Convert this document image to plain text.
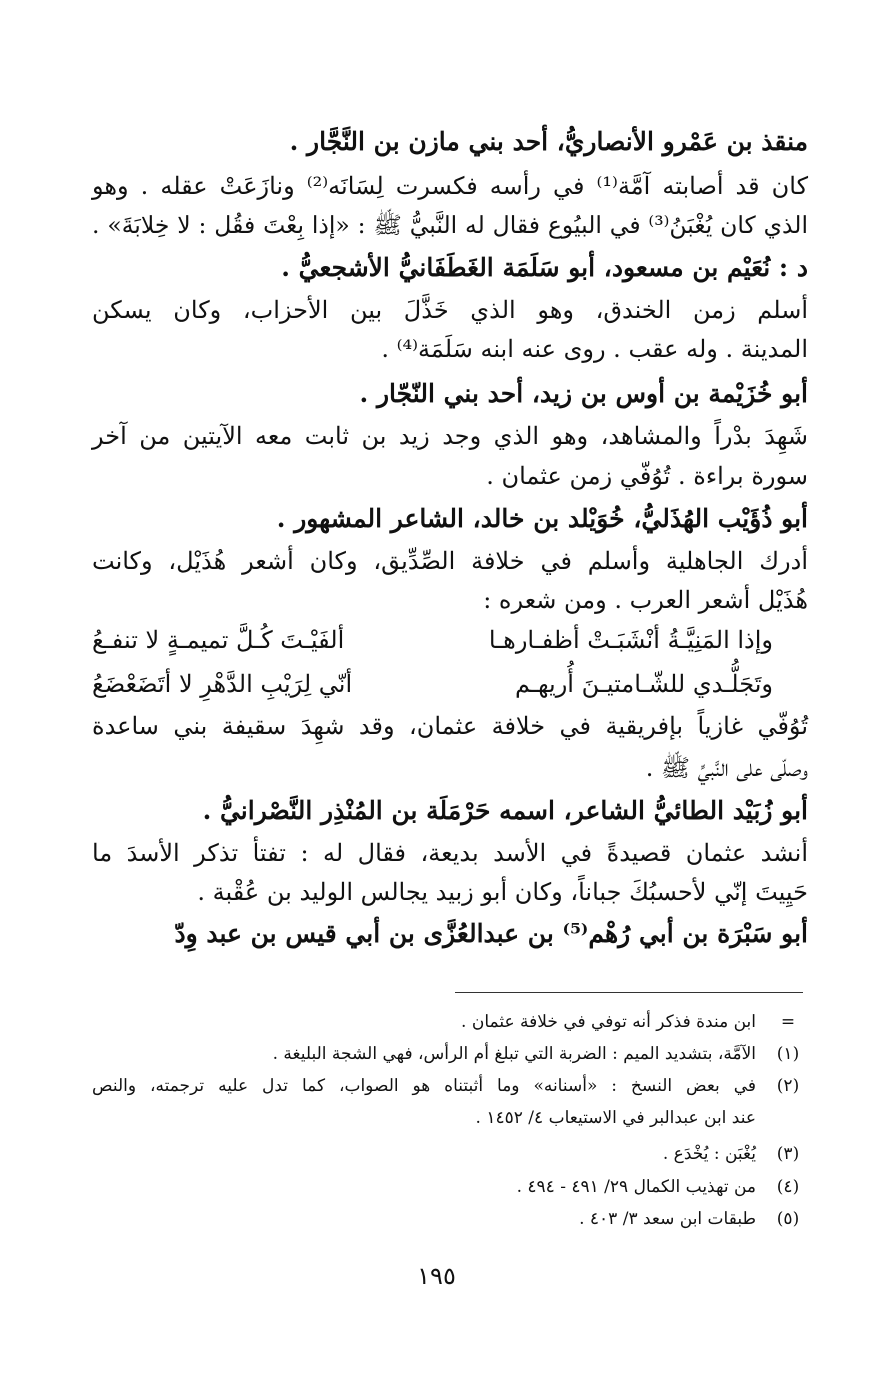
منقذ بن عَمْرو الأنصاريُّ، أحد بني مازن بن النَّجَّار .
كان قد أصابته آمَّة⁽¹⁾ في رأسه فكسرت لِسَانَه⁽²⁾ ونازَعَتْ عقله . وهو
الذي كان يُغْبَنُ⁽³⁾ في البيُوع فقال له النَّبيُّ ﷺ : «إذا بِعْتَ فقُل : لا خِلابَةَ» .
د : نُعَيْم بن مسعود، أبو سَلَمَة الغَطَفَانيُّ الأشجعيُّ .
أسلم زمن الخندق، وهو الذي خَذَّلَ بين الأحزاب، وكان يسكن
المدينة . وله عقب . روى عنه ابنه سَلَمَة⁽⁴⁾ .
أبو خُزَيْمة بن أوس بن زيد، أحد بني النّجّار .
شَهِدَ بدْراً والمشاهد، وهو الذي وجد زيد بن ثابت معه الآيتين من آخر
سورة براءة . تُوُفّي زمن عثمان .
أبو ذُؤَيْب الهُذَليُّ، خُوَيْلد بن خالد، الشاعر المشهور .
أدرك الجاهلية وأسلم في خلافة الصِّدِّيق، وكان أشعر هُذَيْل، وكانت
هُذَيْل أشعر العرب . ومن شعره :
وإذا المَنِيَّـةُ أنْشَبَـتْ أظفـارهـا
ألفَيْـتَ كُـلَّ تميمـةٍ لا تنفـعُ
وتَجَلُّـدي للشّـامتيـنَ أُريهـم
أنّي لِرَيْبِ الدَّهْرِ لا أتَضَعْضَعُ
تُوُفّي غازياً بإفريقية في خلافة عثمان، وقد شهِدَ سقيفة بني ساعدة
وصلّى على النَّبيِّ ﷺ .
أبو زُبَيْد الطائيُّ الشاعر، اسمه حَرْمَلَة بن المُنْذِر النَّصْرانيُّ .
أنشد عثمان قصيدةً في الأسد بديعة، فقال له : تفتأ تذكر الأسدَ ما
حَيِيتَ إنّي لأحسبُكَ جباناً، وكان أبو زبيد يجالس الوليد بن عُقْبة .
أبو سَبْرَة بن أبي رُهْم⁽⁵⁾ بن عبدالعُزَّى بن أبي قيس بن عبد وِدّ
=
ابن مندة فذكر أنه توفي في خلافة عثمان .
(١)
الآمَّة، بتشديد الميم : الضربة التي تبلغ أم الرأس، فهي الشجة البليغة .
(٢)
في بعض النسخ : «أسنانه» وما أثبتناه هو الصواب، كما تدل عليه ترجمته، والنص
عند ابن عبدالبر في الاستيعاب ٤/ ١٤٥٢ .
(٣)
يُغْبَن : يُخْدَع .
(٤)
من تهذيب الكمال ٢٩/ ٤٩١ - ٤٩٤ .
(٥)
طبقات ابن سعد ٣/ ٤٠٣ .
١٩٥
